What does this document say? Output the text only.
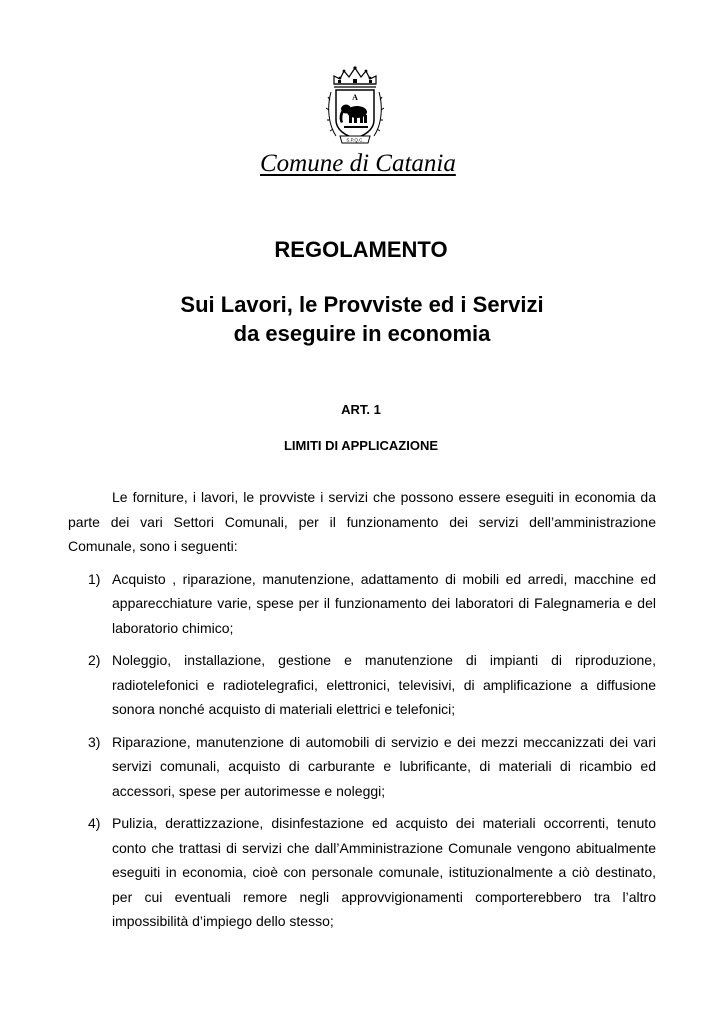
A
S.P.Q.C.
Comune di Catania
REGOLAMENTO
Sui Lavori, le Provviste ed i Servizi
da eseguire in economia
ART. 1
LIMITI DI APPLICAZIONE

Le forniture, i lavori, le provviste i servizi che possono essere eseguiti in economia da parte dei vari Settori Comunali, per il funzionamento dei servizi dell’amministrazione Comunale, sono i seguenti:

1) Acquisto , riparazione, manutenzione, adattamento di mobili ed arredi, macchine ed apparecchiature varie, spese per il funzionamento dei laboratori di Falegnameria e del laboratorio chimico;
2) Noleggio, installazione, gestione e manutenzione di impianti di riproduzione, radiotelefonici e radiotelegrafici, elettronici, televisivi, di amplificazione a diffusione sonora nonché acquisto di materiali elettrici e telefonici;
3) Riparazione, manutenzione di automobili di servizio e dei mezzi meccanizzati dei vari servizi comunali, acquisto di carburante e lubrificante, di materiali di ricambio ed accessori, spese per autorimesse e noleggi;
4) Pulizia, derattizzazione, disinfestazione ed acquisto dei materiali occorrenti, tenuto conto che trattasi di servizi che dall’Amministrazione Comunale vengono abitualmente eseguiti in economia, cioè con personale comunale, istituzionalmente a ciò destinato, per cui eventuali remore negli approvvigionamenti comporterebbero tra l’altro impossibilità d’impiego dello stesso;
